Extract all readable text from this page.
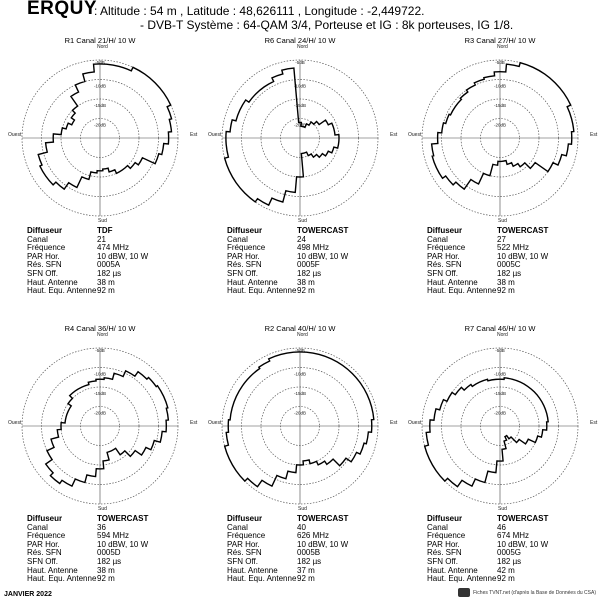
ERQUY
: Altitude : 54 m , Latitude : 48,626111 , Longitude : -2,449722.
- DVB-T Système : 64-QAM 3/4, Porteuse et IG : 8k porteuses, IG 1/8.
R1 Canal 21/H/ 10 W
Nord
Sud
Est
Ouest
-20dB
-15dB
-10dB
-5dB
Diffuseur	TDF
Canal	21
Fréquence	474 MHz
PAR Hor.	10 dBW, 10 W
Rés. SFN	0005A
SFN Off.	182 µs
Haut. Antenne	38 m
Haut. Equ. Antenne 92 m
R6 Canal 24/H/ 10 W
Nord
Sud
Est
Ouest
-20dB
-15dB
-10dB
-5dB
Diffuseur	TOWERCAST
Canal	24
Fréquence	498 MHz
PAR Hor.	10 dBW, 10 W
Rés. SFN	0005F
SFN Off.	182 µs
Haut. Antenne	38 m
Haut. Equ. Antenne 92 m
R3 Canal 27/H/ 10 W
Nord
Sud
Est
Ouest
-20dB
-15dB
-10dB
-5dB
Diffuseur	TOWERCAST
Canal	27
Fréquence	522 MHz
PAR Hor.	10 dBW, 10 W
Rés. SFN	0005C
SFN Off.	182 µs
Haut. Antenne	38 m
Haut. Equ. Antenne 92 m
R4 Canal 36/H/ 10 W
Nord
Sud
Est
Ouest
-20dB
-15dB
-10dB
-5dB
Diffuseur	TOWERCAST
Canal	36
Fréquence	594 MHz
PAR Hor.	10 dBW, 10 W
Rés. SFN	0005D
SFN Off.	182 µs
Haut. Antenne	38 m
Haut. Equ. Antenne 92 m
R2 Canal 40/H/ 10 W
Nord
Sud
Est
Ouest
-20dB
-15dB
-10dB
-5dB
Diffuseur	TOWERCAST
Canal	40
Fréquence	626 MHz
PAR Hor.	10 dBW, 10 W
Rés. SFN	0005B
SFN Off.	182 µs
Haut. Antenne	37 m
Haut. Equ. Antenne 92 m
R7 Canal 46/H/ 10 W
Nord
Sud
Est
Ouest
-20dB
-15dB
-10dB
-5dB
Diffuseur	TOWERCAST
Canal	46
Fréquence	674 MHz
PAR Hor.	10 dBW, 10 W
Rés. SFN	0005G
SFN Off.	182 µs
Haut. Antenne	42 m
Haut. Equ. Antenne 92 m
JANVIER 2022	Fiches TVNT.net (d'après la Base de Données du CSA)
